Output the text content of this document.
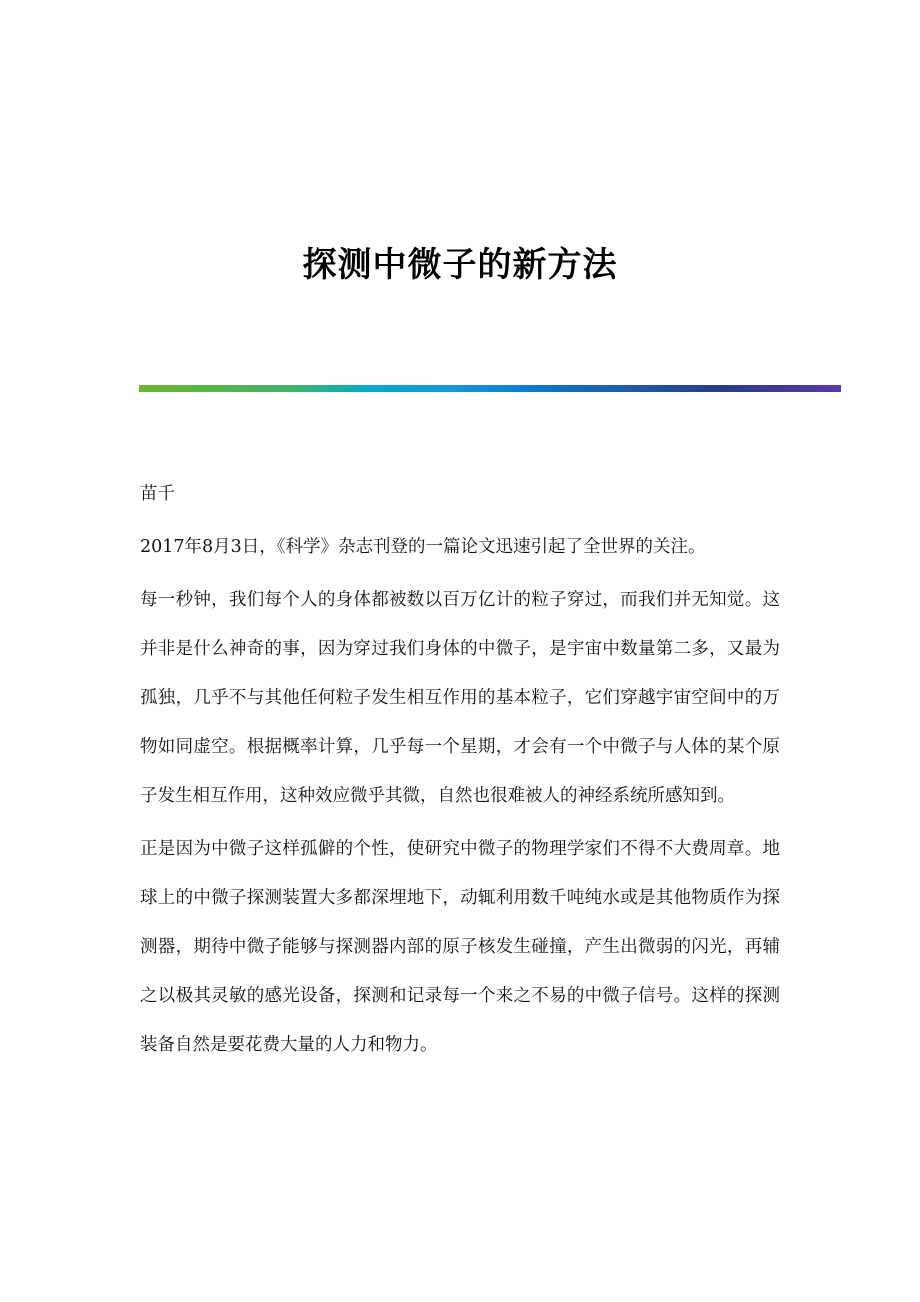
探测中微子的新方法

苗千

2017年8月3日，《科学》杂志刊登的一篇论文迅速引起了全世界的关注。

每一秒钟，我们每个人的身体都被数以百万亿计的粒子穿过，而我们并无知觉。这并非是什么神奇的事，因为穿过我们身体的中微子，是宇宙中数量第二多，又最为孤独，几乎不与其他任何粒子发生相互作用的基本粒子，它们穿越宇宙空间中的万物如同虚空。根据概率计算，几乎每一个星期，才会有一个中微子与人体的某个原子发生相互作用，这种效应微乎其微，自然也很难被人的神经系统所感知到。

正是因为中微子这样孤僻的个性，使研究中微子的物理学家们不得不大费周章。地球上的中微子探测装置大多都深埋地下，动辄利用数千吨纯水或是其他物质作为探测器，期待中微子能够与探测器内部的原子核发生碰撞，产生出微弱的闪光，再辅之以极其灵敏的感光设备，探测和记录每一个来之不易的中微子信号。这样的探测装备自然是要花费大量的人力和物力。
